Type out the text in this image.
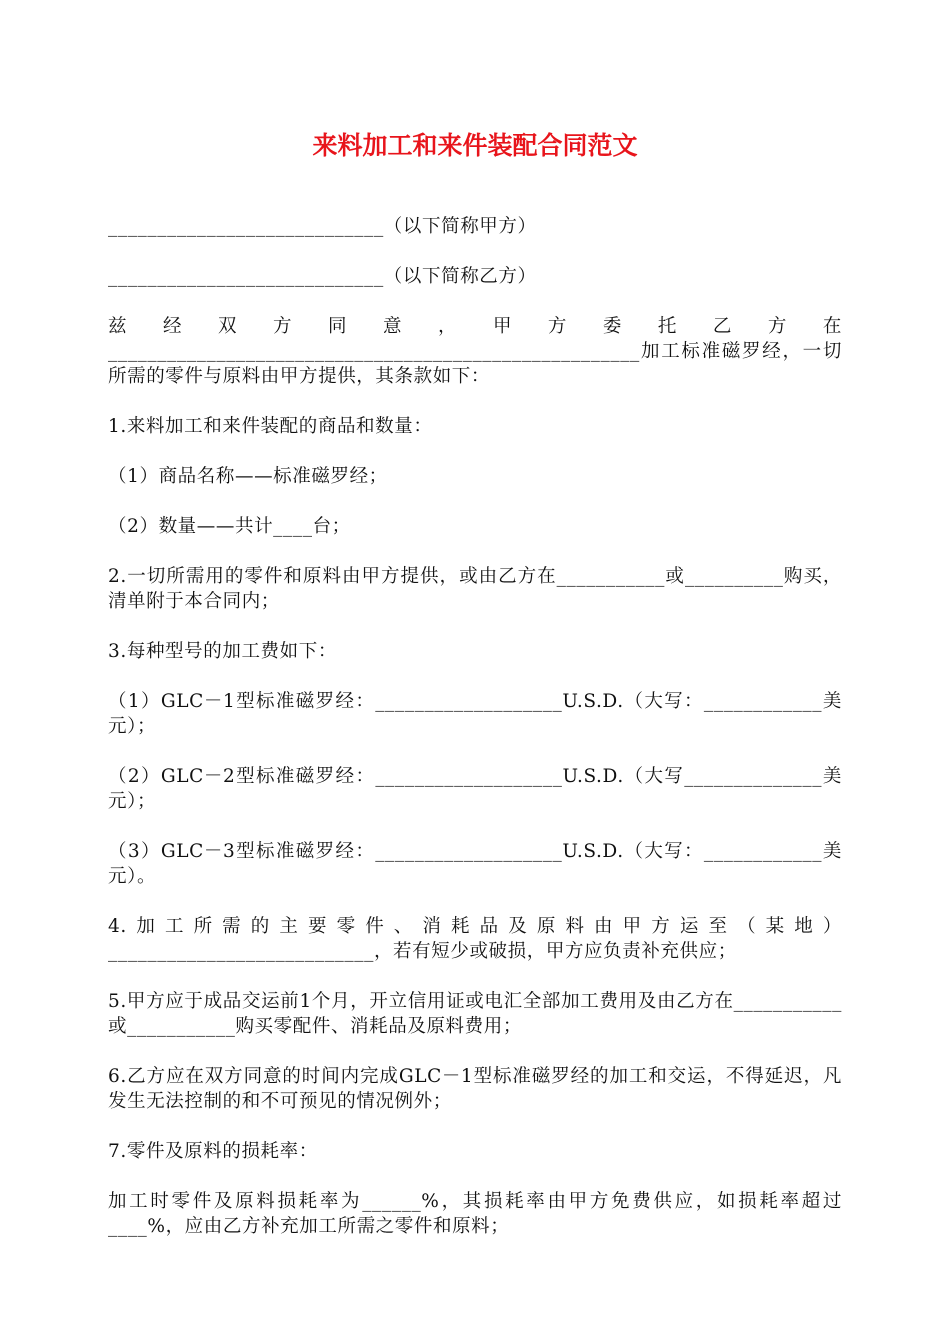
来料加工和来件装配合同范文

____________________________（以下简称甲方）

____________________________（以下简称乙方）

兹经双方同意，甲方委托乙方在______________________________________________________加工标准磁罗经，一切所需的零件与原料由甲方提供，其条款如下：

1.来料加工和来件装配的商品和数量：

（1）商品名称——标准磁罗经；

（2）数量——共计____台；

2.一切所需用的零件和原料由甲方提供，或由乙方在___________或__________购买，清单附于本合同内；

3.每种型号的加工费如下：

（1）GLC－1型标准磁罗经：___________________U.S.D.（大写：____________美元）；

（2）GLC－2型标准磁罗经：___________________U.S.D.（大写______________美元）；

（3）GLC－3型标准磁罗经：___________________U.S.D.（大写：____________美元）。

4.加工所需的主要零件、消耗品及原料由甲方运至（某地）___________________________，若有短少或破损，甲方应负责补充供应；

5.甲方应于成品交运前1个月，开立信用证或电汇全部加工费用及由乙方在___________或___________购买零配件、消耗品及原料费用；

6.乙方应在双方同意的时间内完成GLC－1型标准磁罗经的加工和交运，不得延迟，凡发生无法控制的和不可预见的情况例外；

7.零件及原料的损耗率：

加工时零件及原料损耗率为______%，其损耗率由甲方免费供应，如损耗率超过____%，应由乙方补充加工所需之零件和原料；
